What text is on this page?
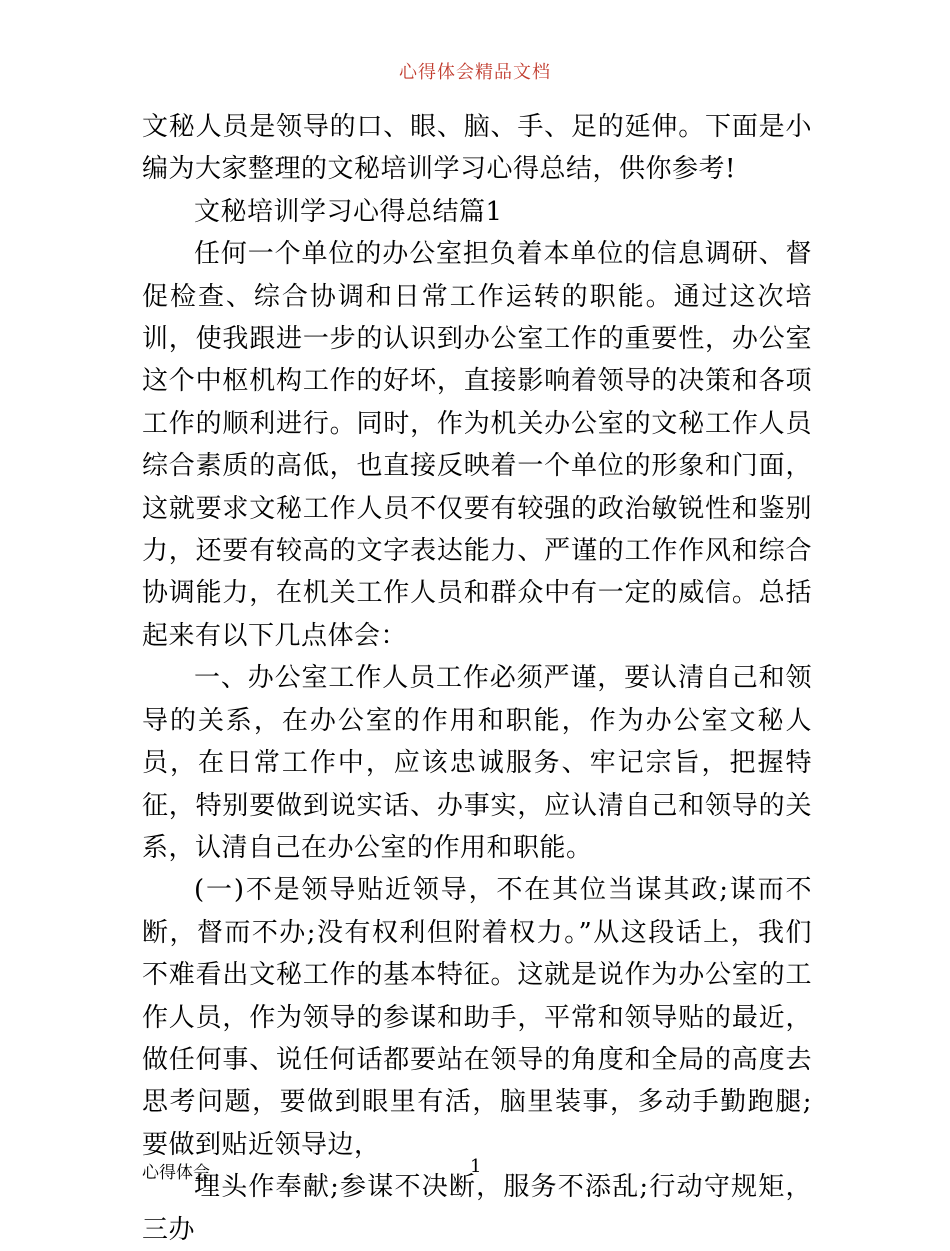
心得体会精品文档

文秘人员是领导的口、眼、脑、手、足的延伸。下面是小编为大家整理的文秘培训学习心得总结，供你参考!

文秘培训学习心得总结篇1

任何一个单位的办公室担负着本单位的信息调研、督促检查、综合协调和日常工作运转的职能。通过这次培训，使我跟进一步的认识到办公室工作的重要性，办公室这个中枢机构工作的好坏，直接影响着领导的决策和各项工作的顺利进行。同时，作为机关办公室的文秘工作人员综合素质的高低，也直接反映着一个单位的形象和门面，这就要求文秘工作人员不仅要有较强的政治敏锐性和鉴别力，还要有较高的文字表达能力、严谨的工作作风和综合协调能力，在机关工作人员和群众中有一定的威信。总括起来有以下几点体会：

一、办公室工作人员工作必须严谨，要认清自己和领导的关系，在办公室的作用和职能，作为办公室文秘人员，在日常工作中，应该忠诚服务、牢记宗旨，把握特征，特别要做到说实话、办事实，应认清自己和领导的关系，认清自己在办公室的作用和职能。

(一)不是领导贴近领导，不在其位当谋其政;谋而不断，督而不办;没有权利但附着权力。”从这段话上，我们不难看出文秘工作的基本特征。这就是说作为办公室的工作人员，作为领导的参谋和助手，平常和领导贴的最近，做任何事、说任何话都要站在领导的角度和全局的高度去思考问题，要做到眼里有活，脑里装事，多动手勤跑腿;要做到贴近领导边，

埋头作奉献;参谋不决断，服务不添乱;行动守规矩，三办

心得体会	1
